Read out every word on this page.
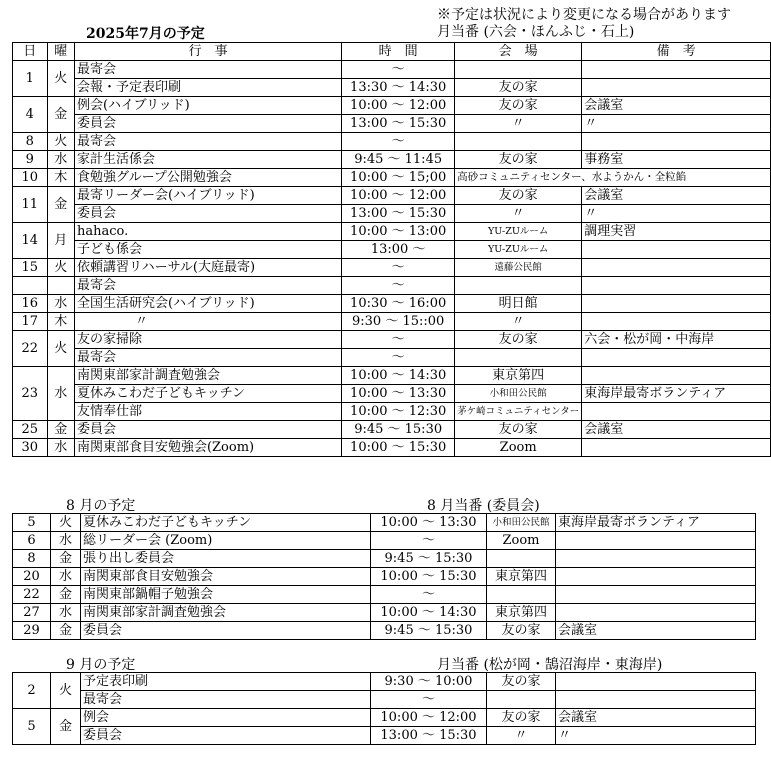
※予定は状況により変更になる場合があります
2025年7月の予定	月当番 (六会・ほんふじ・石上)
日	曜	行　事	時　間	会　場	備　考
1	火	最寄会	〜		
		会報・予定表印刷	13:30 〜 14:30	友の家	
4	金	例会(ハイブリッド)	10:00 〜 12:00	友の家	会議室
		委員会	13:00 〜 15:30	〃	〃
8	火	最寄会	〜		
9	水	家計生活係会	9:45 〜 11:45	友の家	事務室
10	木	食勉強グループ公開勉強会	10:00 〜 15;00	高砂コミュニティセンター、水ようかん・全粒餡	
11	金	最寄リーダー会(ハイブリッド)	10:00 〜 12:00	友の家	会議室
		委員会	13:00 〜 15:30	〃	〃
14	月	hahaco.	10:00 〜 13:00	YU-ZUルーム	調理実習
		子ども係会	13:00 〜	YU-ZUルーム	
15	火	依頼講習リハーサル(大庭最寄)	〜	遠藤公民館	
		最寄会	〜		
16	水	全国生活研究会(ハイブリッド)	10:30 〜 16:00	明日館	
17	木	〃	9:30 〜 15::00	〃	
22	火	友の家掃除	〜	友の家	六会・松が岡・中海岸
		最寄会	〜		
23	水	南関東部家計調査勉強会	10:00 〜 14:30	東京第四	
		夏休みこわだ子どもキッチン	10:00 〜 13:30	小和田公民館	東海岸最寄ボランティア
		友情奉仕部	10:00 〜 12:30	茅ケ崎コミュニティセンター	
25	金	委員会	9:45 〜 15:30	友の家	会議室
30	水	南関東部食目安勉強会(Zoom)	10:00 〜 15:30	Zoom	
8 月の予定	8 月当番 (委員会)
5	火	夏休みこわだ子どもキッチン	10:00 〜 13:30	小和田公民館	東海岸最寄ボランティア
6	水	総リーダー会 (Zoom)	〜	Zoom	
8	金	張り出し委員会	9:45 〜 15:30		
20	水	南関東部食目安勉強会	10:00 〜 15:30	東京第四	
22	金	南関東部鍋帽子勉強会	〜		
27	水	南関東部家計調査勉強会	10:00 〜 14:30	東京第四	
29	金	委員会	9:45 〜 15:30	友の家	会議室
9 月の予定	月当番 (松が岡・鵠沼海岸・東海岸)
2	火	予定表印刷	9:30 〜 10:00	友の家	
		最寄会	〜		
5	金	例会	10:00 〜 12:00	友の家	会議室
		委員会	13:00 〜 15:30	〃	〃
